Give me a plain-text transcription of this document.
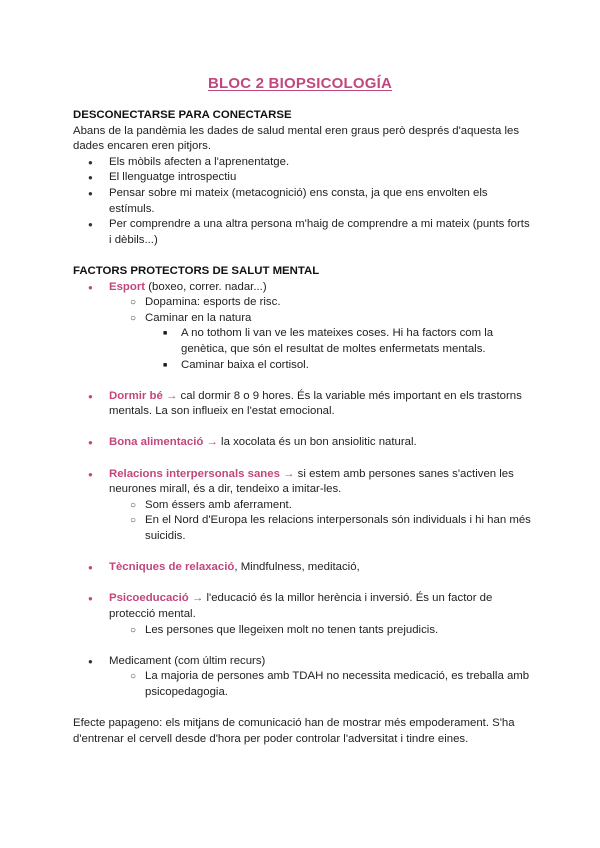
BLOC 2 BIOPSICOLOGÍA

DESCONECTARSE PARA CONECTARSE

Abans de la pandèmia les dades de salud mental eren graus però després d'aquesta les dades encaren eren pitjors.

● Els mòbils afecten a l'aprenentatge.
● El llenguatge introspectiu
● Pensar sobre mi mateix (metacognició) ens consta, ja que ens envolten els estímuls.
● Per comprendre a una altra persona m'haig de comprendre a mi mateix (punts forts i dèbils...)

FACTORS PROTECTORS DE SALUT MENTAL

● Esport (boxeo, correr. nadar...)
○ Dopamina: esports de risc.
○ Caminar en la natura
■ A no tothom li van ve les mateixes coses. Hi ha factors com la genètica, que són el resultat de moltes enfermetats mentals.
■ Caminar baixa el cortisol.
● Dormir bé → cal dormir 8 o 9 hores. És la variable més important en els trastorns mentals. La son influeix en l'estat emocional.
● Bona alimentació → la xocolata és un bon ansiolitic natural.
● Relacions interpersonals sanes → si estem amb persones sanes s'activen les neurones mirall, és a dir, tendeixo a imitar-les.
○ Som éssers amb aferrament.
○ En el Nord d'Europa les relacions interpersonals són individuals i hi han més suicidis.
● Tècniques de relaxació, Mindfulness, meditació,
● Psicoeducació → l'educació és la millor herència i inversió. És un factor de protecció mental.
○ Les persones que llegeixen molt no tenen tants prejudicis.
● Medicament (com últim recurs)
○ La majoria de persones amb TDAH no necessita medicació, es treballa amb psicopedagogia.

Efecte papageno: els mitjans de comunicació han de mostrar més empoderament. S'ha d'entrenar el cervell desde d'hora per poder controlar l'adversitat i tindre eines.
